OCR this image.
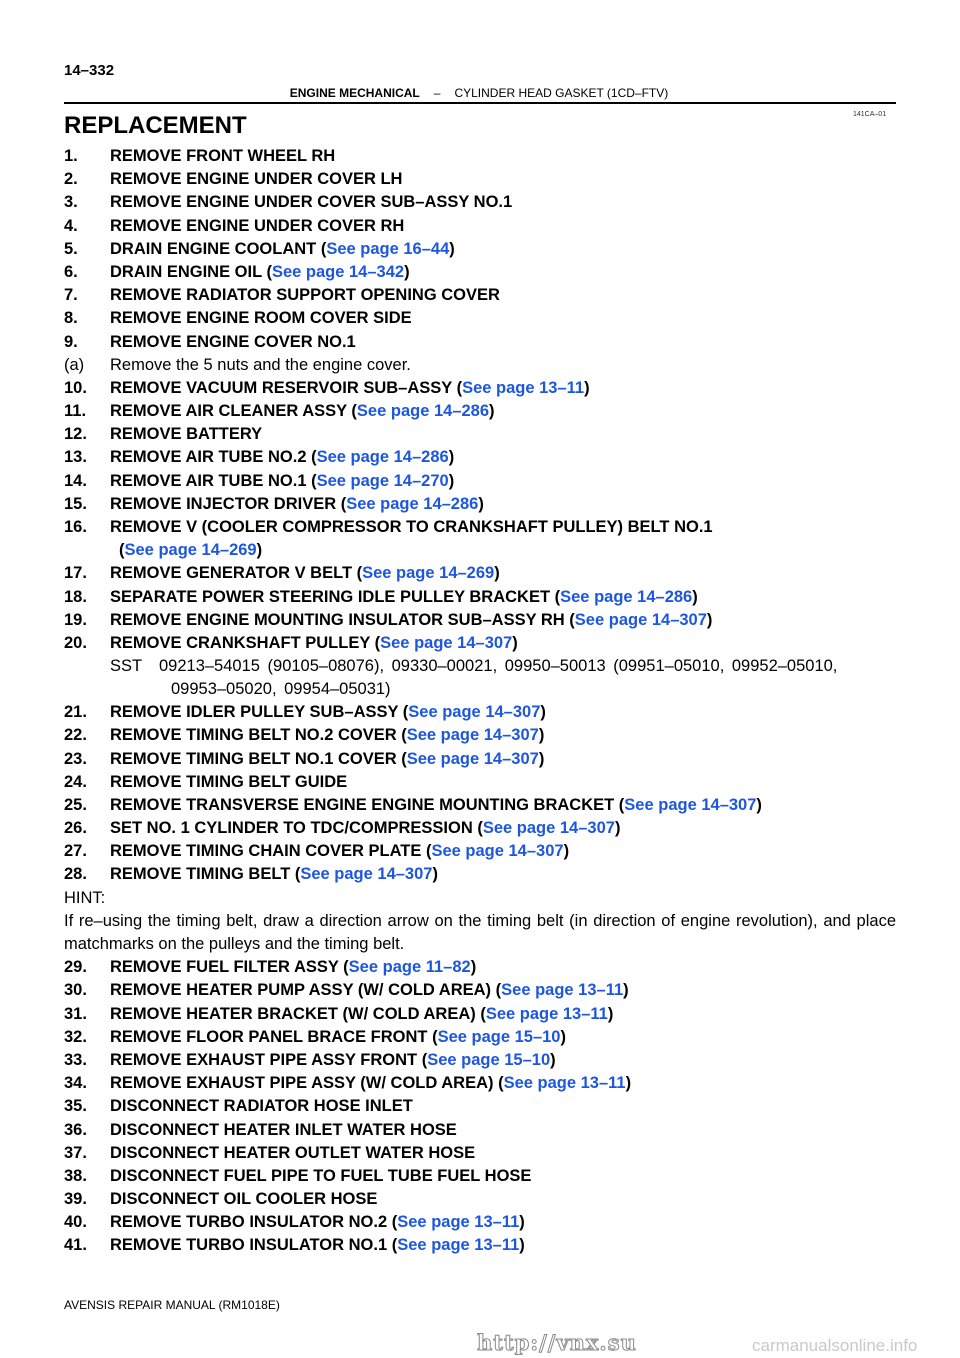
14–332
ENGINE MECHANICAL – CYLINDER HEAD GASKET (1CD–FTV)
141CA–01
REPLACEMENT
1. REMOVE FRONT WHEEL RH
2. REMOVE ENGINE UNDER COVER LH
3. REMOVE ENGINE UNDER COVER SUB–ASSY NO.1
4. REMOVE ENGINE UNDER COVER RH
5. DRAIN ENGINE COOLANT (See page 16–44)
6. DRAIN ENGINE OIL (See page 14–342)
7. REMOVE RADIATOR SUPPORT OPENING COVER
8. REMOVE ENGINE ROOM COVER SIDE
9. REMOVE ENGINE COVER NO.1
(a) Remove the 5 nuts and the engine cover.
10. REMOVE VACUUM RESERVOIR SUB–ASSY (See page 13–11)
11. REMOVE AIR CLEANER ASSY (See page 14–286)
12. REMOVE BATTERY
13. REMOVE AIR TUBE NO.2 (See page 14–286)
14. REMOVE AIR TUBE NO.1 (See page 14–270)
15. REMOVE INJECTOR DRIVER (See page 14–286)
16. REMOVE V (COOLER COMPRESSOR TO CRANKSHAFT PULLEY) BELT NO.1
(See page 14–269)
17. REMOVE GENERATOR V BELT (See page 14–269)
18. SEPARATE POWER STEERING IDLE PULLEY BRACKET (See page 14–286)
19. REMOVE ENGINE MOUNTING INSULATOR SUB–ASSY RH (See page 14–307)
20. REMOVE CRANKSHAFT PULLEY (See page 14–307)
SST 09213–54015 (90105–08076), 09330–00021, 09950–50013 (09951–05010, 09952–05010,
09953–05020, 09954–05031)
21. REMOVE IDLER PULLEY SUB–ASSY (See page 14–307)
22. REMOVE TIMING BELT NO.2 COVER (See page 14–307)
23. REMOVE TIMING BELT NO.1 COVER (See page 14–307)
24. REMOVE TIMING BELT GUIDE
25. REMOVE TRANSVERSE ENGINE ENGINE MOUNTING BRACKET (See page 14–307)
26. SET NO. 1 CYLINDER TO TDC/COMPRESSION (See page 14–307)
27. REMOVE TIMING CHAIN COVER PLATE (See page 14–307)
28. REMOVE TIMING BELT (See page 14–307)
HINT:
If re–using the timing belt, draw a direction arrow on the timing belt (in direction of engine revolution), and place matchmarks on the pulleys and the timing belt.
29. REMOVE FUEL FILTER ASSY (See page 11–82)
30. REMOVE HEATER PUMP ASSY (W/ COLD AREA) (See page 13–11)
31. REMOVE HEATER BRACKET (W/ COLD AREA) (See page 13–11)
32. REMOVE FLOOR PANEL BRACE FRONT (See page 15–10)
33. REMOVE EXHAUST PIPE ASSY FRONT (See page 15–10)
34. REMOVE EXHAUST PIPE ASSY (W/ COLD AREA) (See page 13–11)
35. DISCONNECT RADIATOR HOSE INLET
36. DISCONNECT HEATER INLET WATER HOSE
37. DISCONNECT HEATER OUTLET WATER HOSE
38. DISCONNECT FUEL PIPE TO FUEL TUBE FUEL HOSE
39. DISCONNECT OIL COOLER HOSE
40. REMOVE TURBO INSULATOR NO.2 (See page 13–11)
41. REMOVE TURBO INSULATOR NO.1 (See page 13–11)
AVENSIS REPAIR MANUAL (RM1018E)
http://vnx.su	carmanualsonline.info
